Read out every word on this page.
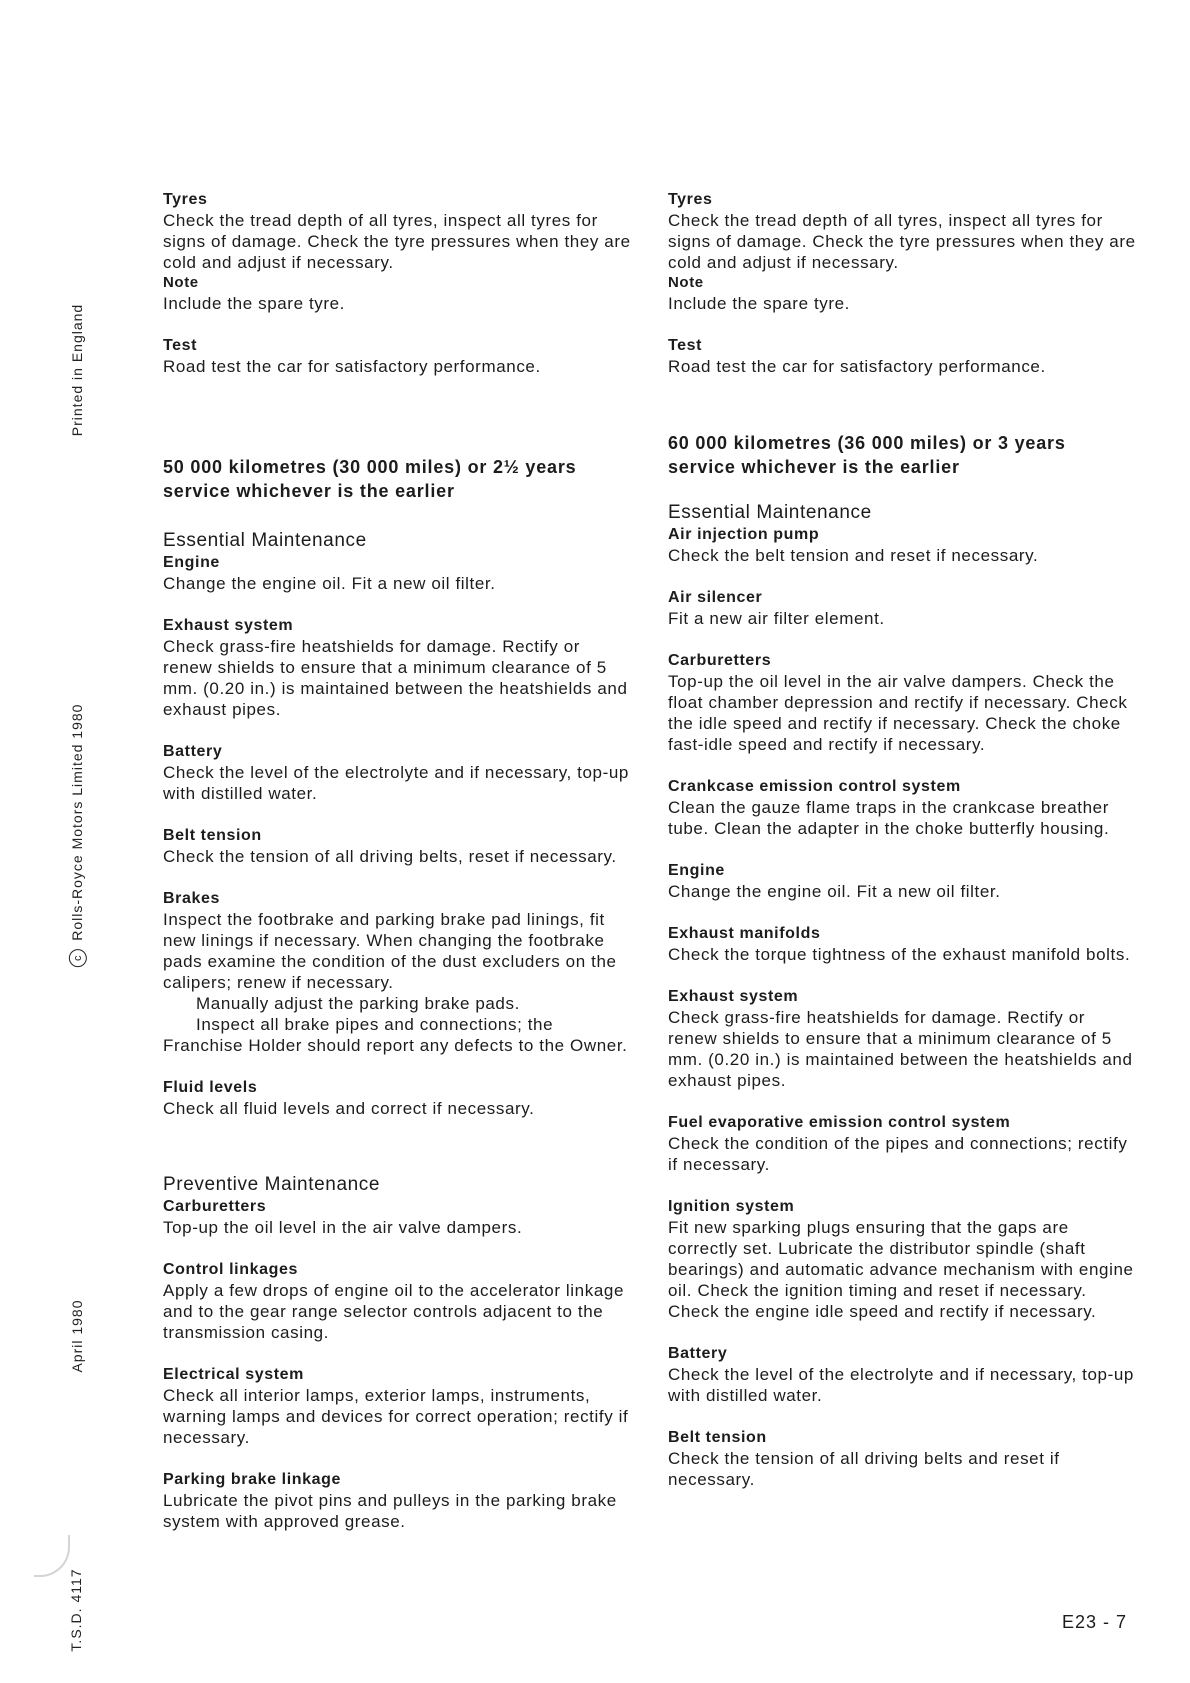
Printed in England
cRolls-Royce Motors Limited 1980
April 1980
T.S.D. 4117

Tyres

Check the tread depth of all tyres, inspect all tyres for signs of damage. Check the tyre pressures when they are cold and adjust if necessary.

Note

Include the spare tyre.

Test

Road test the car for satisfactory performance.

50 000 kilometres (30 000 miles) or 2½ years service whichever is the earlier

Essential Maintenance

Engine

Change the engine oil. Fit a new oil filter.

Exhaust system

Check grass-fire heatshields for damage. Rectify or renew shields to ensure that a minimum clearance of 5 mm. (0.20 in.) is maintained between the heatshields and exhaust pipes.

Battery

Check the level of the electrolyte and if necessary, top-up with distilled water.

Belt tension

Check the tension of all driving belts, reset if necessary.

Brakes

Inspect the footbrake and parking brake pad linings, fit new linings if necessary. When changing the footbrake pads examine the condition of the dust excluders on the calipers; renew if necessary.

Manually adjust the parking brake pads.

Inspect all brake pipes and connections; the Franchise Holder should report any defects to the Owner.

Fluid levels

Check all fluid levels and correct if necessary.

Preventive Maintenance

Carburetters

Top-up the oil level in the air valve dampers.

Control linkages

Apply a few drops of engine oil to the accelerator linkage and to the gear range selector controls adjacent to the transmission casing.

Electrical system

Check all interior lamps, exterior lamps, instruments, warning lamps and devices for correct operation; rectify if necessary.

Parking brake linkage

Lubricate the pivot pins and pulleys in the parking brake system with approved grease.

Tyres

Check the tread depth of all tyres, inspect all tyres for signs of damage. Check the tyre pressures when they are cold and adjust if necessary.

Note

Include the spare tyre.

Test

Road test the car for satisfactory performance.

60 000 kilometres (36 000 miles) or 3 years service whichever is the earlier

Essential Maintenance

Air injection pump

Check the belt tension and reset if necessary.

Air silencer

Fit a new air filter element.

Carburetters

Top-up the oil level in the air valve dampers. Check the float chamber depression and rectify if necessary. Check the idle speed and rectify if necessary. Check the choke fast-idle speed and rectify if necessary.

Crankcase emission control system

Clean the gauze flame traps in the crankcase breather tube. Clean the adapter in the choke butterfly housing.

Engine

Change the engine oil. Fit a new oil filter.

Exhaust manifolds

Check the torque tightness of the exhaust manifold bolts.

Exhaust system

Check grass-fire heatshields for damage. Rectify or renew shields to ensure that a minimum clearance of 5 mm. (0.20 in.) is maintained between the heatshields and exhaust pipes.

Fuel evaporative emission control system

Check the condition of the pipes and connections; rectify if necessary.

Ignition system

Fit new sparking plugs ensuring that the gaps are correctly set. Lubricate the distributor spindle (shaft bearings) and automatic advance mechanism with engine oil. Check the ignition timing and reset if necessary. Check the engine idle speed and rectify if necessary.

Battery

Check the level of the electrolyte and if necessary, top-up with distilled water.

Belt tension

Check the tension of all driving belts and reset if necessary.

E23 - 7
